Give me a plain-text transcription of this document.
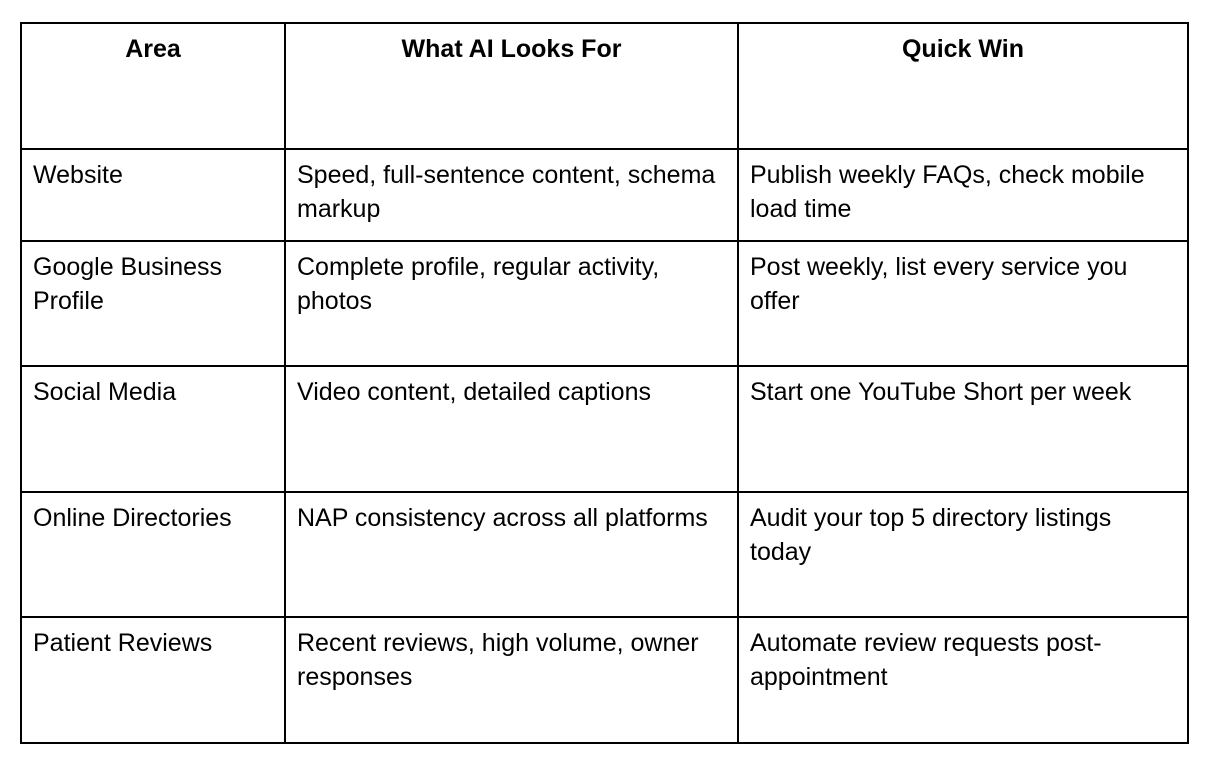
Area	What AI Looks For	Quick Win
Website	Speed, full-sentence content, schema markup	Publish weekly FAQs, check mobile load time
Google Business Profile	Complete profile, regular activity, photos	Post weekly, list every service you offer
Social Media	Video content, detailed captions	Start one YouTube Short per week
Online Directories	NAP consistency across all platforms	Audit your top 5 directory listings today
Patient Reviews	Recent reviews, high volume, owner responses	Automate review requests post-appointment
